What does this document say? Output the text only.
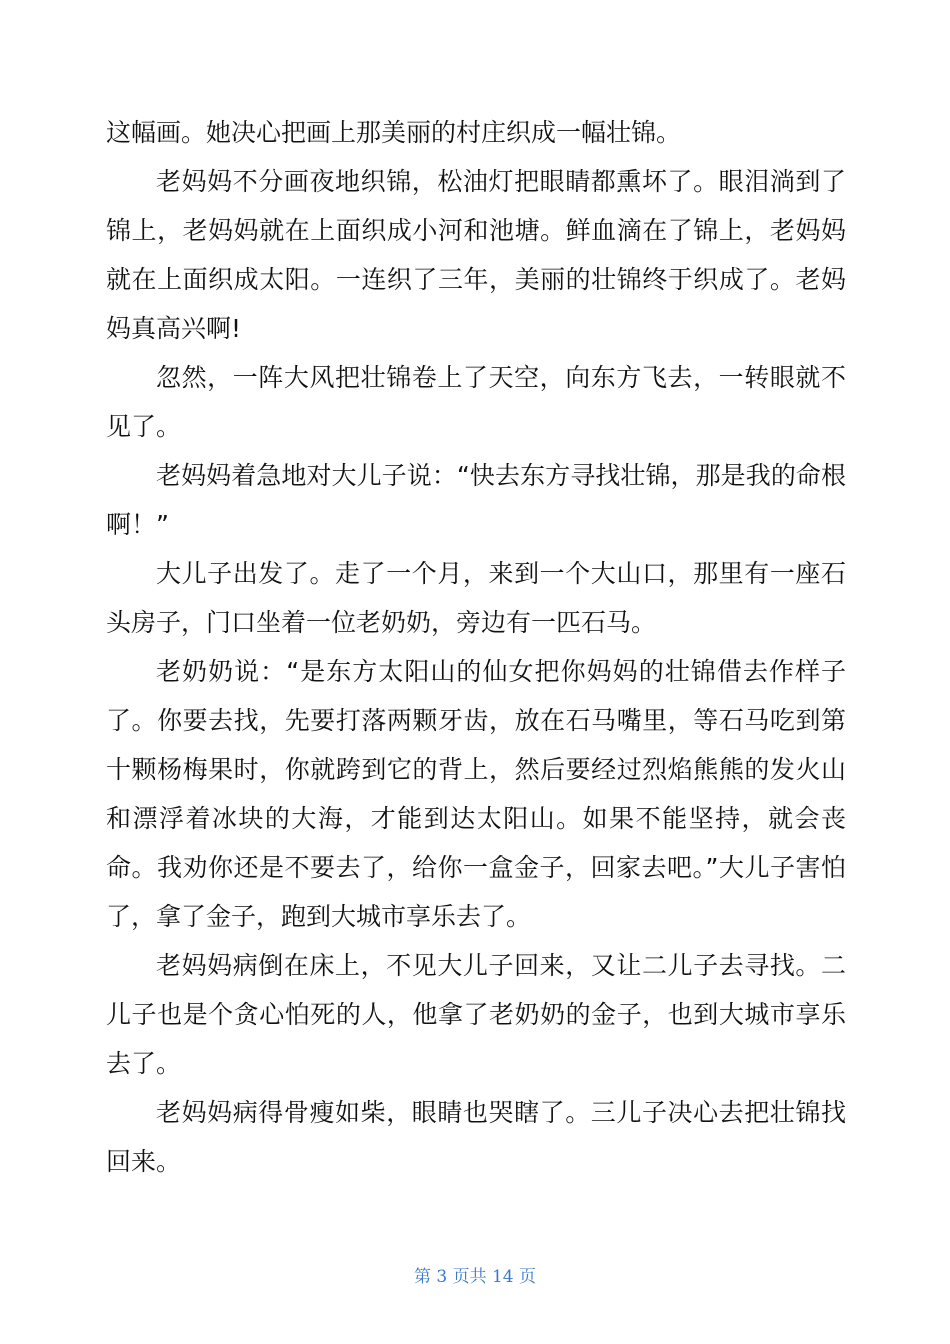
这幅画。她决心把画上那美丽的村庄织成一幅壮锦。

老妈妈不分画夜地织锦，松油灯把眼睛都熏坏了。眼泪淌到了锦上，老妈妈就在上面织成小河和池塘。鲜血滴在了锦上，老妈妈就在上面织成太阳。一连织了三年，美丽的壮锦终于织成了。老妈妈真高兴啊!

忽然，一阵大风把壮锦卷上了天空，向东方飞去，一转眼就不见了。

老妈妈着急地对大儿子说：“快去东方寻找壮锦，那是我的命根啊！”

大儿子出发了。走了一个月，来到一个大山口，那里有一座石头房子，门口坐着一位老奶奶，旁边有一匹石马。

老奶奶说：“是东方太阳山的仙女把你妈妈的壮锦借去作样子了。你要去找，先要打落两颗牙齿，放在石马嘴里，等石马吃到第十颗杨梅果时，你就跨到它的背上，然后要经过烈焰熊熊的发火山和漂浮着冰块的大海，才能到达太阳山。如果不能坚持，就会丧命。我劝你还是不要去了，给你一盒金子，回家去吧。”大儿子害怕了，拿了金子，跑到大城市享乐去了。

老妈妈病倒在床上，不见大儿子回来，又让二儿子去寻找。二儿子也是个贪心怕死的人，他拿了老奶奶的金子，也到大城市享乐去了。

老妈妈病得骨瘦如柴，眼睛也哭瞎了。三儿子决心去把壮锦找回来。

第 3 页共 14 页
